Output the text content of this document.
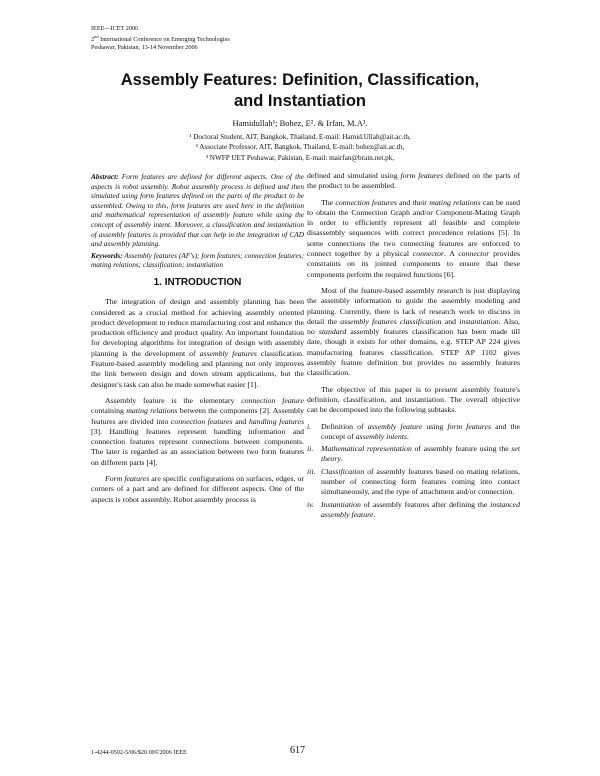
IEEE—ICET 2006
2nd International Conference on Emerging Technologies
Peshawar, Pakistan, 13-14 November 2006
Assembly Features: Definition, Classification,
and Instantiation
Hamidullah¹; Bohez, E². & Irfan, M.A³.
¹ Doctoral Student, AIT, Bangkok, Thailand, E-mail: Hamid.Ullah@ait.ac.th,
² Associate Professor, AIT, Bangkok, Thailand, E-mail: bohez@ait.ac.th,
³ NWFP UET Peshawar, Pakistan, E-mail: mairfan@brain.net.pk,

Abstract: Form features are defined for different aspects. One of the aspects is robot assembly. Robot assembly process is defined and then simulated using form features defined on the parts of the product to be assembled. Owing to this, form features are used here in the definition and mathematical representation of assembly feature while using the concept of assembly intent. Moreover, a classification and instantiation of assembly features is provided that can help in the integration of CAD and assembly planning.

Keywords: Assembly features (AF's); form features; connection features; mating relations; classification; instantiation

1. INTRODUCTION

The integration of design and assembly planning has been considered as a crucial method for achieving assembly oriented product development to reduce manufacturing cost and enhance the production efficiency and product quality. An important foundation for developing algorithms for integration of design with assembly planning is the development of assembly features classification. Feature-based assembly modeling and planning not only improves the link between design and down stream applications, but the designer's task can also be made somewhat easier [1].

Assembly feature is the elementary connection feature containing mating relations between the components [2]. Assembly features are divided into connection features and handling features [3]. Handling features represent handling information and connection features represent connections between components. The later is regarded as an association between two form features on different parts [4].

Form features are specific configurations on surfaces, edges, or corners of a part and are defined for different aspects. One of the aspects is robot assembly. Robot assembly process is

defined and simulated using form features defined on the parts of the product to be assembled.

The connection features and their mating relations can be used to obtain the Connection Graph and/or Component-Mating Graph in order to efficiently represent all feasible and complete disassembly sequences with correct precedence relations [5]. In some connections the two connecting features are enforced to connect together by a physical connector. A connector provides constraints on its jointed components to ensure that these components perform the required functions [6].

Most of the feature-based assembly research is just displaying the assembly information to guide the assembly modeling and planning. Currently, there is lack of research work to discuss in detail the assembly features classification and instantiation. Also, no standard assembly features classification has been made till date, though it exists for other domains, e.g. STEP AP 224 gives manufacturing features classification. STEP AP 1102 gives assembly feature definition but provides no assembly features classification.

The objective of this paper is to present assembly feature's definition, classification, and instantiation. The overall objective can be decomposed into the following subtasks.

i.	Definition of assembly feature using form features and the concept of assembly intents.
ii. Mathematical representation of assembly feature using the set theory.
iii. Classification of assembly features based on mating relations, number of connecting form features coming into contact simultaneously, and the type of attachment and/or connection.
iv. Instantiation of assembly features after defining the instanced assembly feature.
1-4244-0502-5/06/$20.00©2006 IEEE	617
